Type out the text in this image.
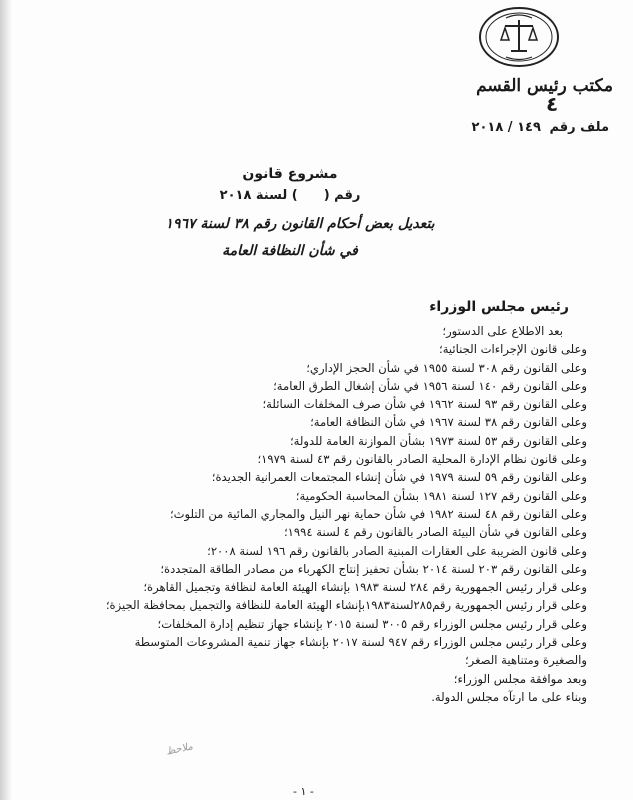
مكتب رئيس القسم
٤
ملف رقم ١٤٩ / ٢٠١٨
مشروع قانون
رقم () لسنة ٢٠١٨
بتعديل بعض أحكام القانون رقم ٣٨ لسنة ١٩٦٧
في شأن النظافة العامة
رئيس مجلس الوزراء
بعد الاطلاع على الدستور؛
وعلى قانون الإجراءات الجنائية؛
وعلى القانون رقم ٣٠٨ لسنة ١٩٥٥ في شأن الحجز الإداري؛
وعلى القانون رقم ١٤٠ لسنة ١٩٥٦ في شأن إشغال الطرق العامة؛
وعلى القانون رقم ٩٣ لسنة ١٩٦٢ في شأن صرف المخلفات السائلة؛
وعلى القانون رقم ٣٨ لسنة ١٩٦٧ في شأن النظافة العامة؛
وعلى القانون رقم ٥٣ لسنة ١٩٧٣ بشأن الموازنة العامة للدولة؛
وعلى قانون نظام الإدارة المحلية الصادر بالقانون رقم ٤٣ لسنة ١٩٧٩؛
وعلى القانون رقم ٥٩ لسنة ١٩٧٩ في شأن إنشاء المجتمعات العمرانية الجديدة؛
وعلى القانون رقم ١٢٧ لسنة ١٩٨١ بشأن المحاسبة الحكومية؛
وعلى القانون رقم ٤٨ لسنة ١٩٨٢ في شأن حماية نهر النيل والمجاري المائية من التلوث؛
وعلى القانون في شأن البيئة الصادر بالقانون رقم ٤ لسنة ١٩٩٤؛
وعلى قانون الضريبة على العقارات المبنية الصادر بالقانون رقم ١٩٦ لسنة ٢٠٠٨؛
وعلى القانون رقم ٢٠٣ لسنة ٢٠١٤ بشأن تحفيز إنتاج الكهرباء من مصادر الطاقة المتجددة؛
وعلى قرار رئيس الجمهورية رقم ٢٨٤ لسنة ١٩٨٣ بإنشاء الهيئة العامة لنظافة وتجميل القاهرة؛
وعلى قرار رئيس الجمهورية رقم٢٨٥لسنة١٩٨٣بإنشاء الهيئة العامة للنظافة والتجميل بمحافظة الجيزة؛
وعلى قرار رئيس مجلس الوزراء رقم ٣٠٠٥ لسنة ٢٠١٥ بإنشاء جهاز تنظيم إدارة المخلفات؛
وعلى قرار رئيس مجلس الوزراء رقم ٩٤٧ لسنة ٢٠١٧ بإنشاء جهاز تنمية المشروعات المتوسطة
والصغيرة ومتناهية الصغر؛
وبعد موافقة مجلس الوزراء؛
وبناء على ما ارتآه مجلس الدولة.
ملاحظ
- ١ -
